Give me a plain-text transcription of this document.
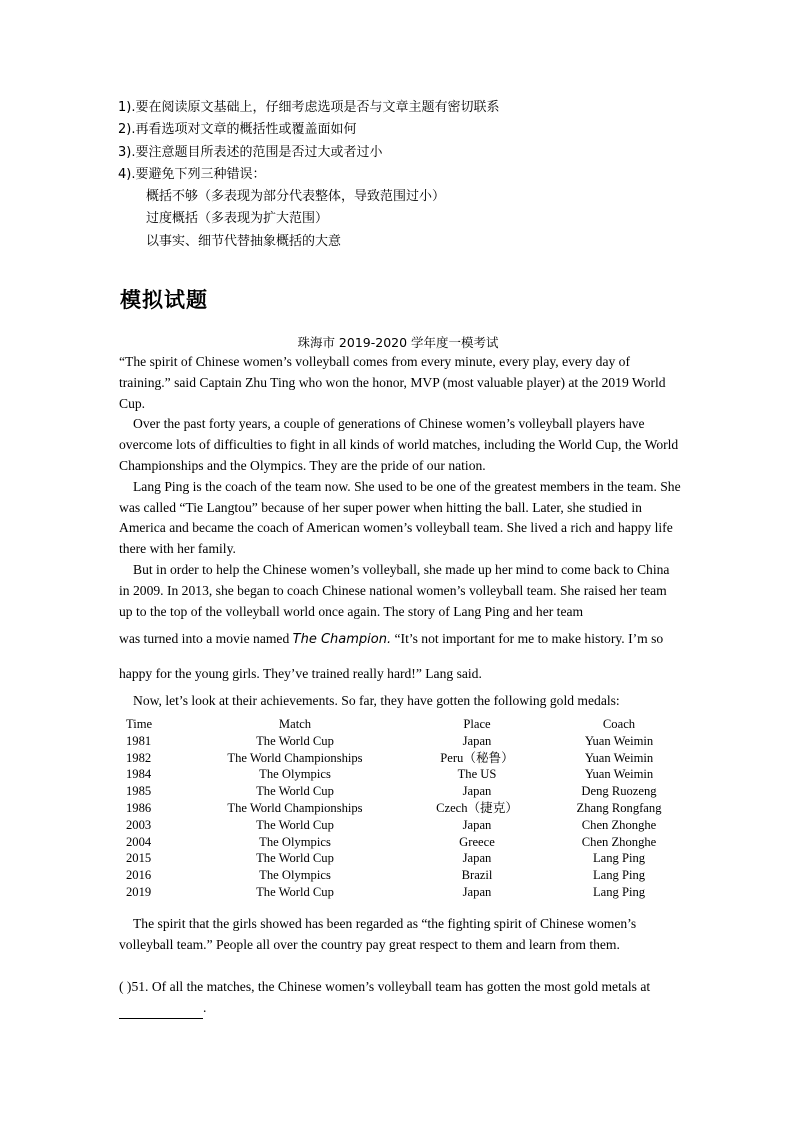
1).要在阅读原文基础上，仔细考虑选项是否与文章主题有密切联系
2).再看选项对文章的概括性或覆盖面如何
3).要注意题目所表述的范围是否过大或者过小
4).要避免下列三种错误：
概括不够（多表现为部分代表整体，导致范围过小）
过度概括（多表现为扩大范围）
以事实、细节代替抽象概括的大意
模拟试题
珠海市 2019-2020 学年度一模考试

“The spirit of Chinese women’s volleyball comes from every minute, every play, every day of training.” said Captain Zhu Ting who won the honor, MVP (most valuable player) at the 2019 World Cup.

Over the past forty years, a couple of generations of Chinese women’s volleyball players have overcome lots of difficulties to fight in all kinds of world matches, including the World Cup, the World Championships and the Olympics. They are the pride of our nation.

Lang Ping is the coach of the team now. She used to be one of the greatest members in the team. She was called “Tie Langtou” because of her super power when hitting the ball. Later, she studied in America and became the coach of American women’s volleyball team. She lived a rich and happy life there with her family.

But in order to help the Chinese women’s volleyball, she made up her mind to come back to China in 2009. In 2013, she began to coach Chinese national women’s volleyball team. She raised her team up to the top of the volleyball world once again. The story of Lang Ping and her team

was turned into a movie named The Champion. “It’s not important for me to make history. I’m so happy for the young girls. They’ve trained really hard!” Lang said.

Now, let’s look at their achievements. So far, they have gotten the following gold medals:

Time	Match	Place	Coach
1981	The World Cup	Japan	Yuan Weimin
1982	The World Championships	Peru（秘鲁）	Yuan Weimin
1984	The Olympics	The US	Yuan Weimin
1985	The World Cup	Japan	Deng Ruozeng
1986	The World Championships	Czech（捷克）	Zhang Rongfang
2003	The World Cup	Japan	Chen Zhonghe
2004	The Olympics	Greece	Chen Zhonghe
2015	The World Cup	Japan	Lang Ping
2016	The Olympics	Brazil	Lang Ping
2019	The World Cup	Japan	Lang Ping

The spirit that the girls showed has been regarded as “the fighting spirit of Chinese women’s volleyball team.” People all over the country pay great respect to them and learn from them.

( )51. Of all the matches, the Chinese women’s volleyball team has gotten the most gold metals at
.
